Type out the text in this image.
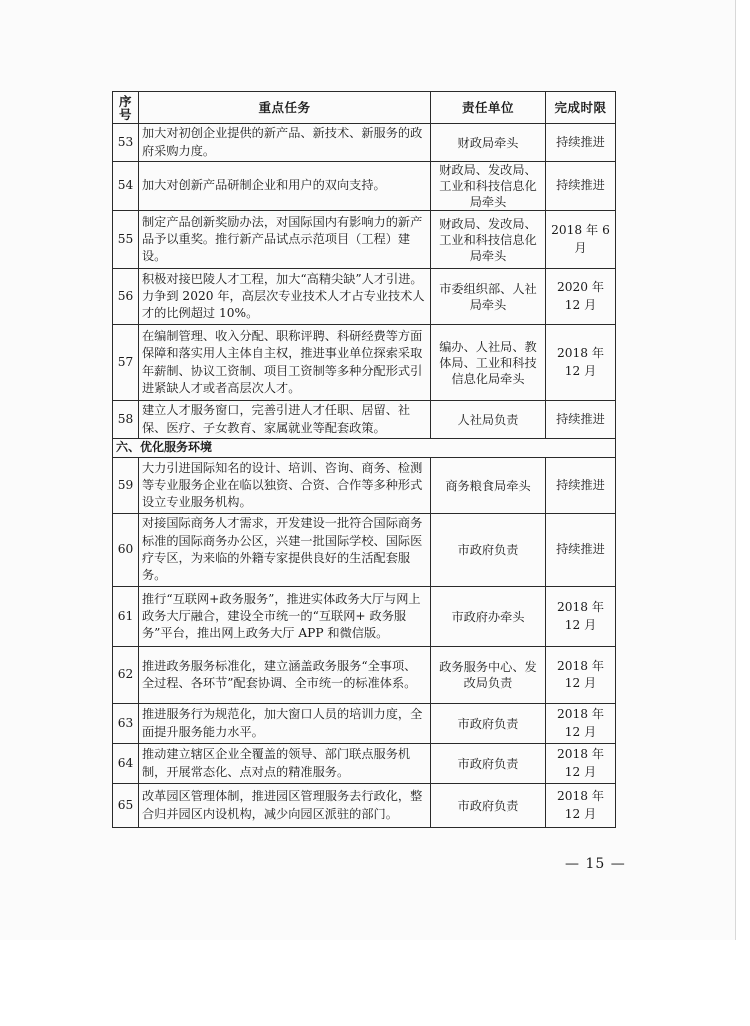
序号	重点任务	责任单位	完成时限
53	加大对初创企业提供的新产品、新技术、新服务的政府采购力度。	财政局牵头	持续推进
54	加大对创新产品研制企业和用户的双向支持。	财政局、发改局、工业和科技信息化局牵头	持续推进
55	制定产品创新奖励办法，对国际国内有影响力的新产品予以重奖。推行新产品试点示范项目（工程）建设。	财政局、发改局、工业和科技信息化局牵头	2018 年 6 月
56	积极对接巴陵人才工程，加大“高精尖缺”人才引进。力争到 2020 年，高层次专业技术人才占专业技术人才的比例超过 10%。	市委组织部、人社局牵头	2020 年 12 月
57	在编制管理、收入分配、职称评聘、科研经费等方面保障和落实用人主体自主权，推进事业单位探索采取年薪制、协议工资制、项目工资制等多种分配形式引进紧缺人才或者高层次人才。	编办、人社局、教体局、工业和科技信息化局牵头	2018 年 12 月
58	建立人才服务窗口，完善引进人才任职、居留、社保、医疗、子女教育、家属就业等配套政策。	人社局负责	持续推进
六、优化服务环境			
59	大力引进国际知名的设计、培训、咨询、商务、检测等专业服务企业在临以独资、合资、合作等多种形式设立专业服务机构。	商务粮食局牵头	持续推进
60	对接国际商务人才需求，开发建设一批符合国际商务标准的国际商务办公区，兴建一批国际学校、国际医疗专区，为来临的外籍专家提供良好的生活配套服务。	市政府负责	持续推进
61	推行“互联网+政务服务”，推进实体政务大厅与网上政务大厅融合，建设全市统一的“互联网+ 政务服务”平台，推出网上政务大厅 APP 和微信版。	市政府办牵头	2018 年 12 月
62	推进政务服务标准化，建立涵盖政务服务“全事项、全过程、各环节”配套协调、全市统一的标准体系。	政务服务中心、发改局负责	2018 年 12 月
63	推进服务行为规范化，加大窗口人员的培训力度，全面提升服务能力水平。	市政府负责	2018 年 12 月
64	推动建立辖区企业全覆盖的领导、部门联点服务机制，开展常态化、点对点的精准服务。	市政府负责	2018 年 12 月
65	改革园区管理体制，推进园区管理服务去行政化，整合归并园区内设机构，减少向园区派驻的部门。	市政府负责	2018 年 12 月
— 15 —
